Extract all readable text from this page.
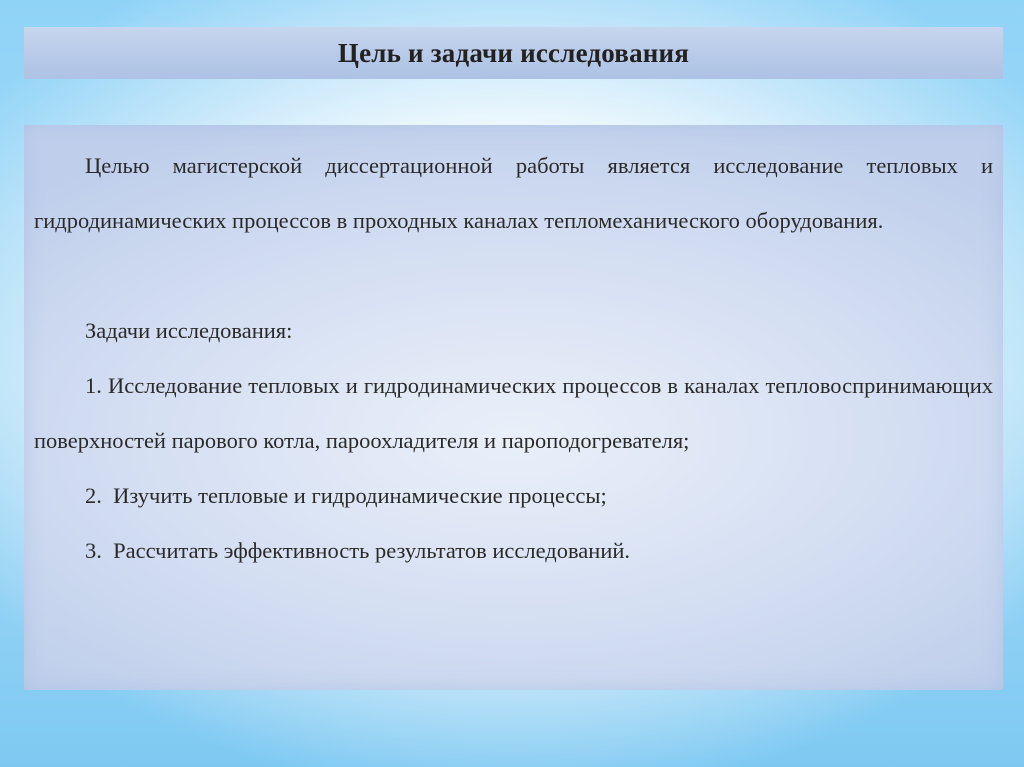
Цель и задачи исследования

Целью магистерской диссертационной работы является исследование тепловых и гидродинамических процессов в проходных каналах тепломеханического оборудования.

Задачи исследования:

1. Исследование тепловых и гидродинамических процессов в каналах тепловоспринимающих поверхностей парового котла, пароохладителя и пароподогревателя;

2. Изучить тепловые и гидродинамические процессы;

3. Рассчитать эффективность результатов исследований.
